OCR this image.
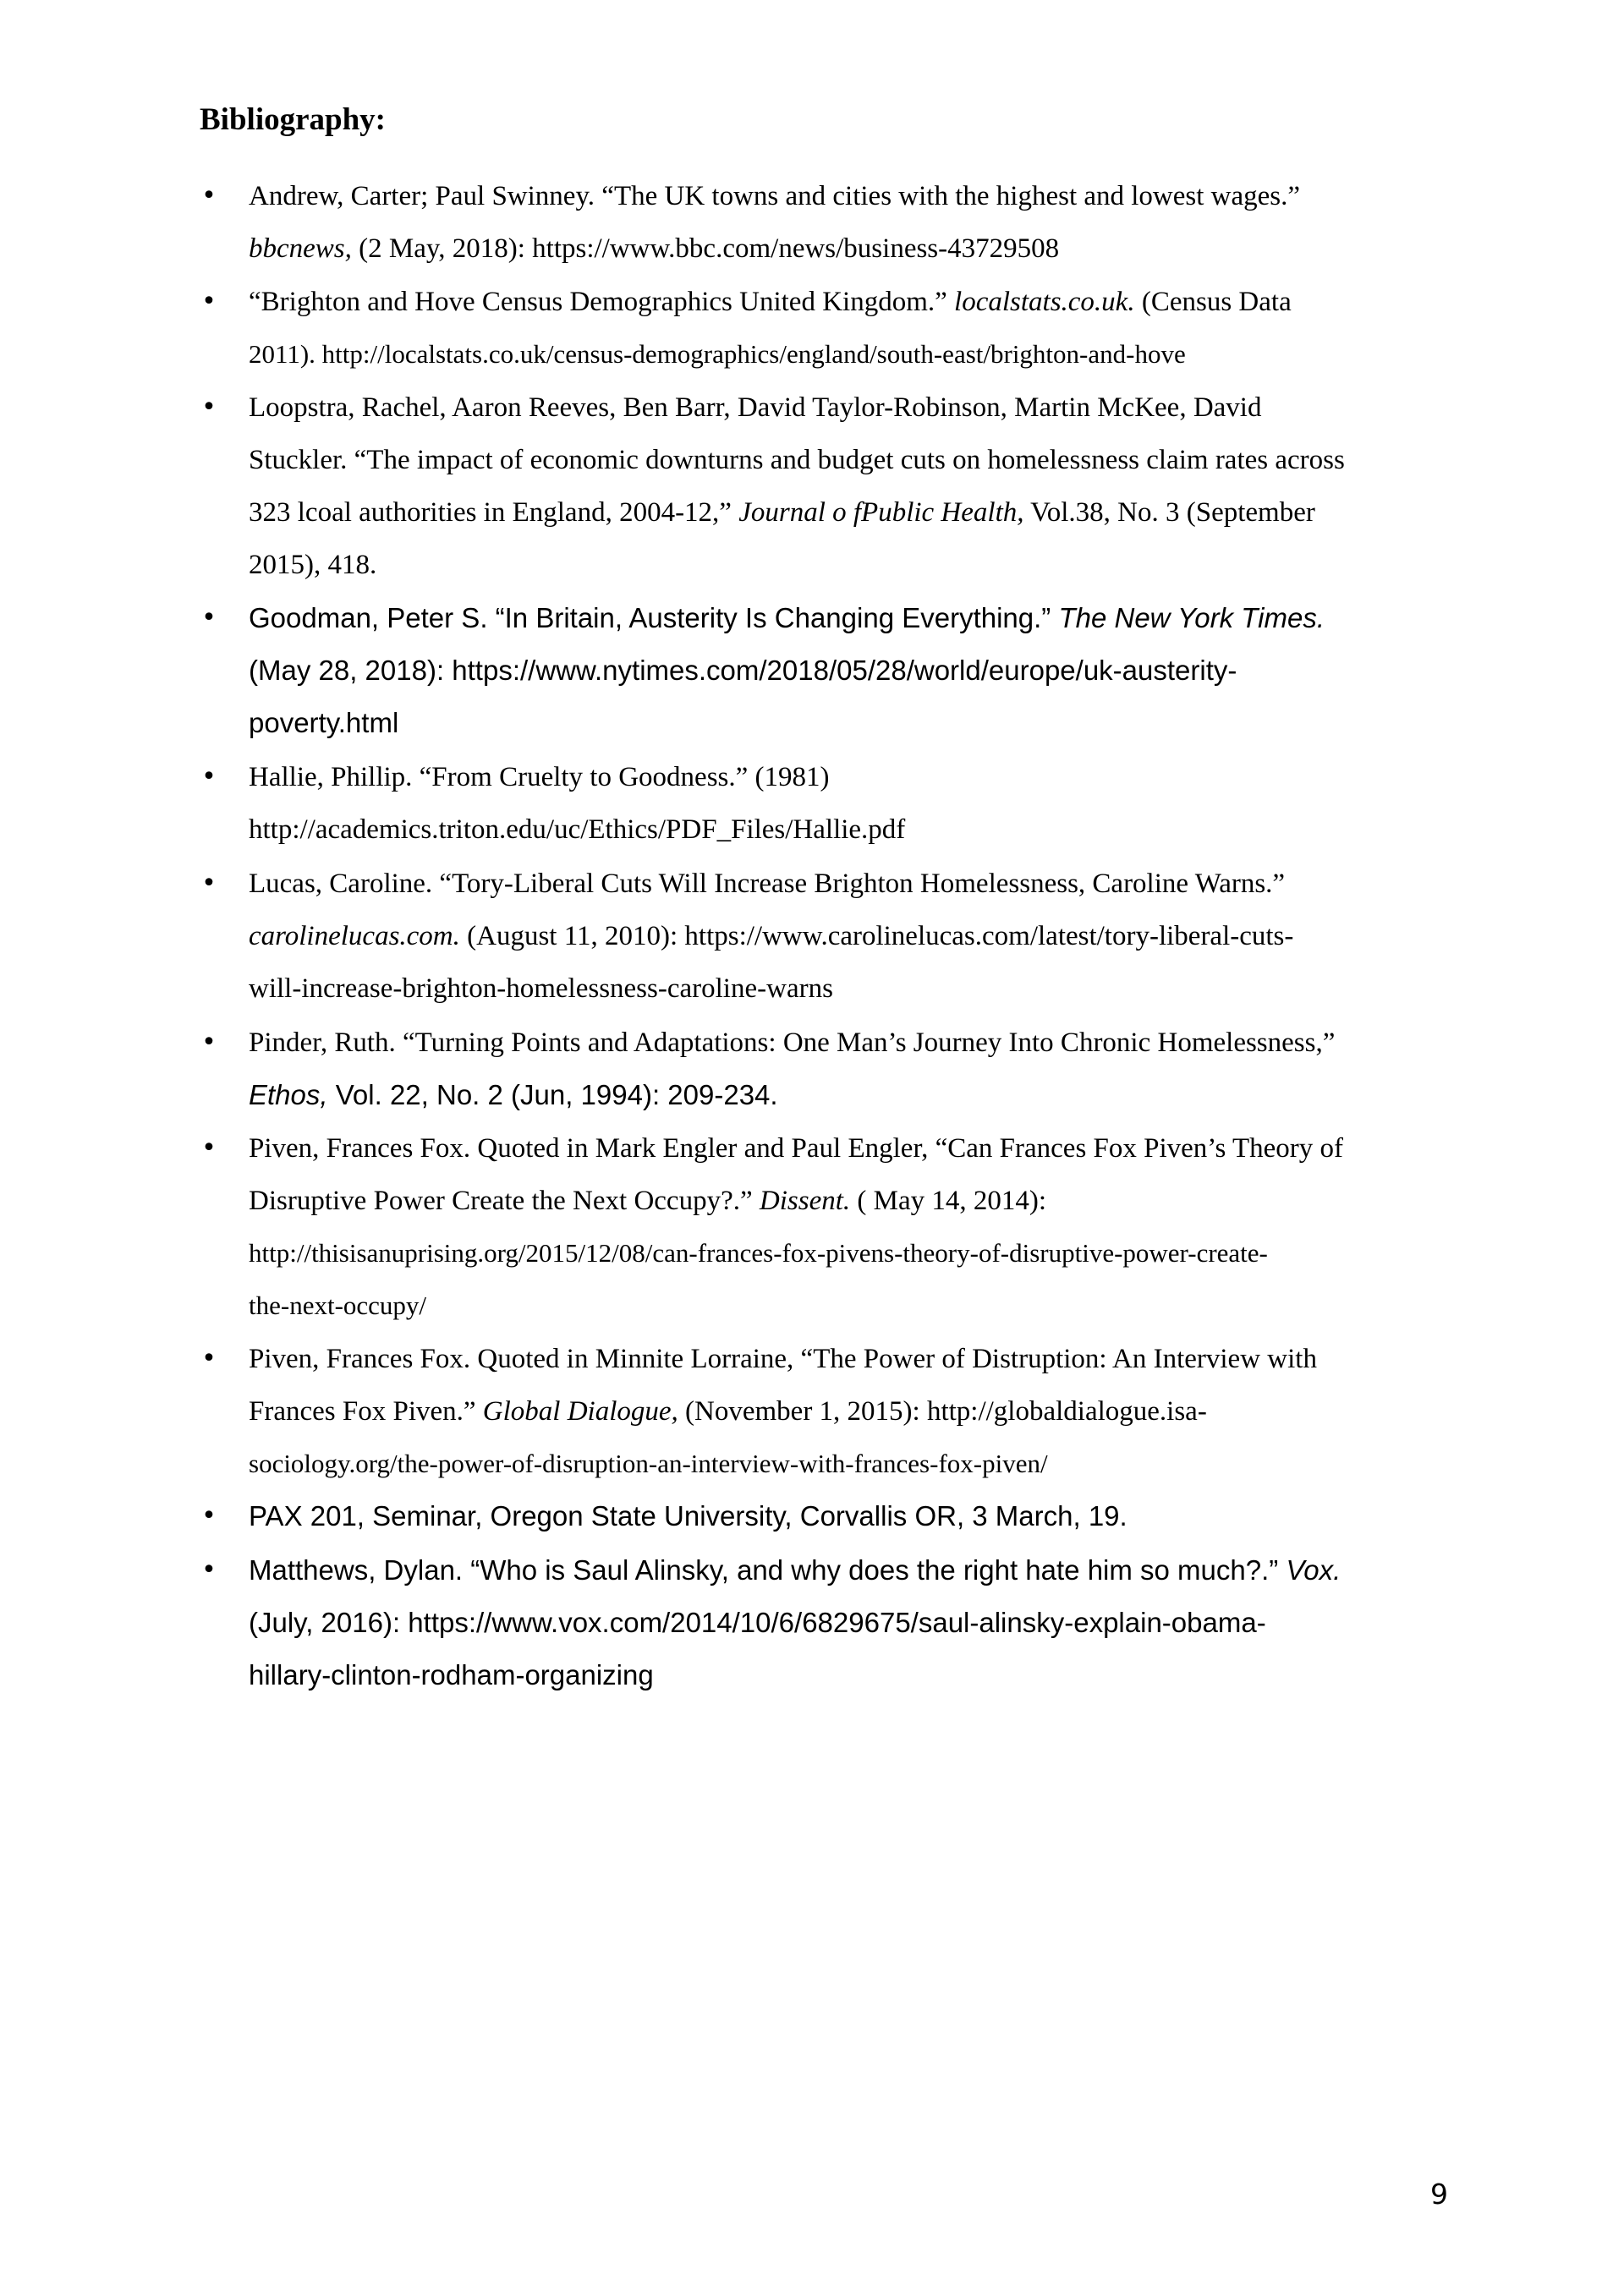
Bibliography:
• Andrew, Carter; Paul Swinney. “The UK towns and cities with the highest and lowest wages.”
bbcnews, (2 May, 2018): https://www.bbc.com/news/business-43729508
• “Brighton and Hove Census Demographics United Kingdom.” localstats.co.uk. (Census Data
2011). http://localstats.co.uk/census-demographics/england/south-east/brighton-and-hove
• Loopstra, Rachel, Aaron Reeves, Ben Barr, David Taylor-Robinson, Martin McKee, David
Stuckler. “The impact of economic downturns and budget cuts on homelessness claim rates across
323 lcoal authorities in England, 2004-12,” Journal o fPublic Health, Vol.38, No. 3 (September
2015), 418.
• Goodman, Peter S. “In Britain, Austerity Is Changing Everything.” The New York Times.
(May 28, 2018): https://www.nytimes.com/2018/05/28/world/europe/uk-austerity-
poverty.html
• Hallie, Phillip. “From Cruelty to Goodness.” (1981)
http://academics.triton.edu/uc/Ethics/PDF_Files/Hallie.pdf
• Lucas, Caroline. “Tory-Liberal Cuts Will Increase Brighton Homelessness, Caroline Warns.”
carolinelucas.com. (August 11, 2010): https://www.carolinelucas.com/latest/tory-liberal-cuts-
will-increase-brighton-homelessness-caroline-warns
• Pinder, Ruth. “Turning Points and Adaptations: One Man’s Journey Into Chronic Homelessness,”
Ethos, Vol. 22, No. 2 (Jun, 1994): 209-234.
• Piven, Frances Fox. Quoted in Mark Engler and Paul Engler, “Can Frances Fox Piven’s Theory of
Disruptive Power Create the Next Occupy?.” Dissent. ( May 14, 2014):
http://thisisanuprising.org/2015/12/08/can-frances-fox-pivens-theory-of-disruptive-power-create-
the-next-occupy/
• Piven, Frances Fox. Quoted in Minnite Lorraine, “The Power of Distruption: An Interview with
Frances Fox Piven.” Global Dialogue, (November 1, 2015): http://globaldialogue.isa-
sociology.org/the-power-of-disruption-an-interview-with-frances-fox-piven/
• PAX 201, Seminar, Oregon State University, Corvallis OR, 3 March, 19.
• Matthews, Dylan. “Who is Saul Alinsky, and why does the right hate him so much?.” Vox.
(July, 2016): https://www.vox.com/2014/10/6/6829675/saul-alinsky-explain-obama-
hillary-clinton-rodham-organizing
9
